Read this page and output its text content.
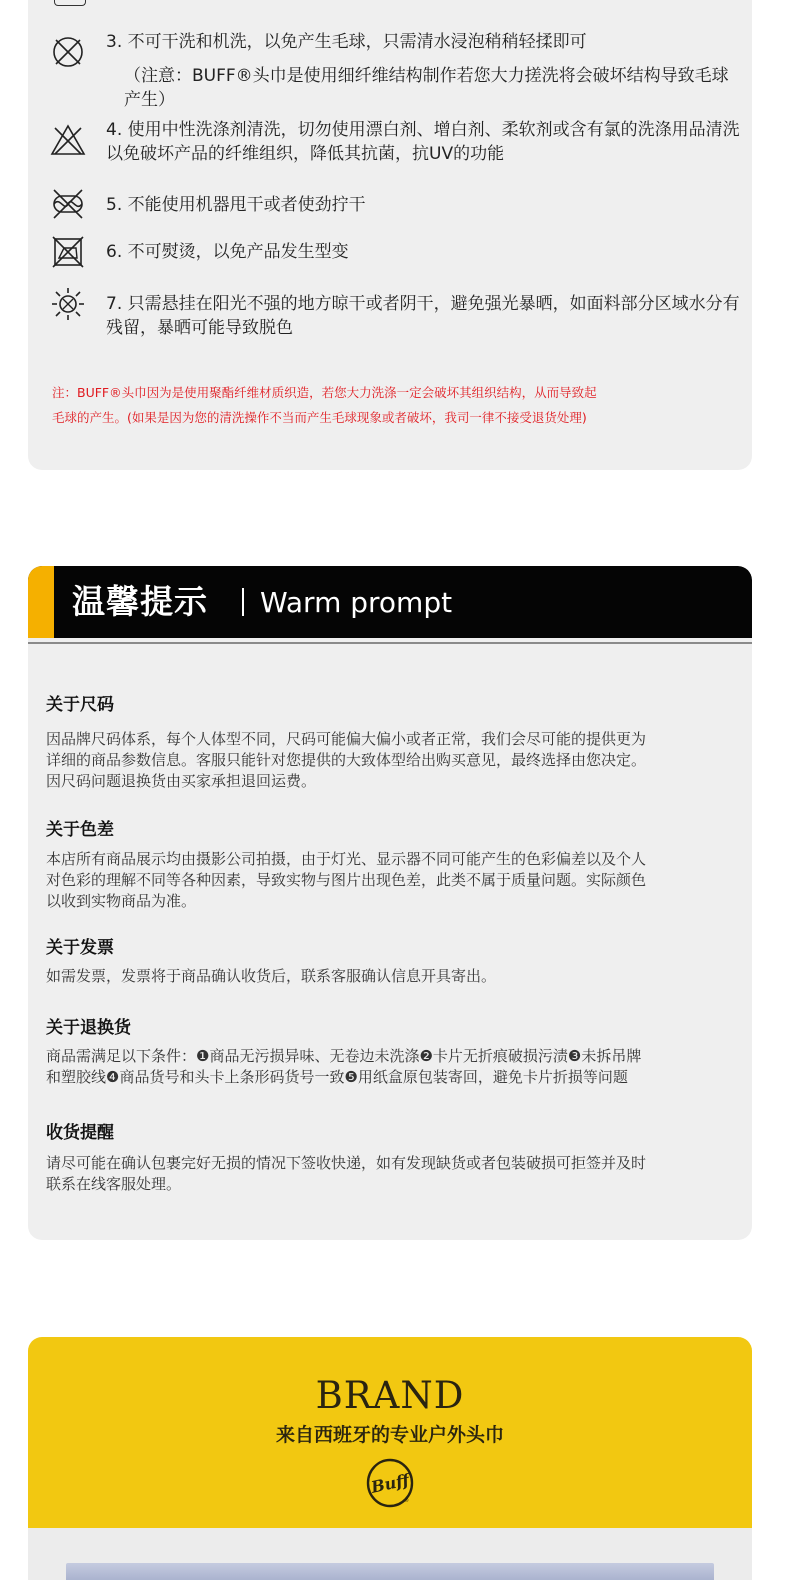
3. 不可干洗和机洗，以免产生毛球，只需清水浸泡稍稍轻揉即可
（注意：BUFF®头巾是使用细纤维结构制作若您大力搓洗将会破坏结构导致毛球产生）
4. 使用中性洗涤剂清洗，切勿使用漂白剂、增白剂、柔软剂或含有氯的洗涤用品清洗以免破坏产品的纤维组织，降低其抗菌，抗UV的功能
5. 不能使用机器甩干或者使劲拧干
6. 不可熨烫，以免产品发生型变
7. 只需悬挂在阳光不强的地方晾干或者阴干，避免强光暴晒，如面料部分区域水分有残留，暴晒可能导致脱色
注：BUFF®头巾因为是使用聚酯纤维材质织造，若您大力洗涤一定会破坏其组织结构，从而导致起
毛球的产生。(如果是因为您的清洗操作不当而产生毛球现象或者破坏，我司一律不接受退货处理)
温馨提示 Warm prompt
关于尺码
因品牌尺码体系，每个人体型不同，尺码可能偏大偏小或者正常，我们会尽可能的提供更为
详细的商品参数信息。客服只能针对您提供的大致体型给出购买意见，最终选择由您决定。
因尺码问题退换货由买家承担退回运费。
关于色差
本店所有商品展示均由摄影公司拍摄，由于灯光、显示器不同可能产生的色彩偏差以及个人
对色彩的理解不同等各种因素，导致实物与图片出现色差，此类不属于质量问题。实际颜色
以收到实物商品为准。
关于发票
如需发票，发票将于商品确认收货后，联系客服确认信息开具寄出。
关于退换货
商品需满足以下条件：❶商品无污损异味、无卷边未洗涤❷卡片无折痕破损污渍❸未拆吊牌
和塑胶线❹商品货号和头卡上条形码货号一致❺用纸盒原包装寄回，避免卡片折损等问题
收货提醒
请尽可能在确认包裹完好无损的情况下签收快递，如有发现缺货或者包装破损可拒签并及时
联系在线客服处理。
BRAND
来自西班牙的专业户外头巾
Buff
®
